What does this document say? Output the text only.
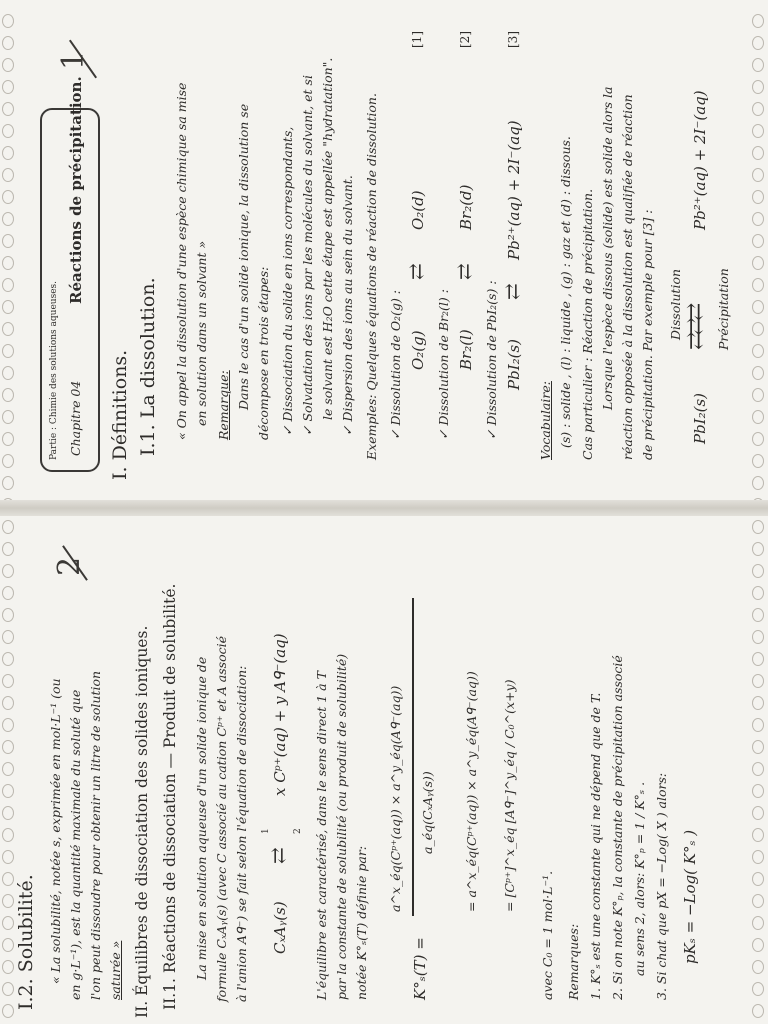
2
I.2. Solubilité. « La solubilité, notée s, exprimée en mol·L⁻¹ (ou en g·L⁻¹), est la quantité maximale du soluté que l'on peut dissoudre pour obtenir un litre de solution saturée » II. Équilibres de dissociation des solides ioniques. II.1. Réactions de dissociation — Produit de solubilité. La mise en solution aqueuse d'un solide ionique de formule CₓAᵧ(s) (avec C associé au cation Cᵖ⁺ et A associé à l'anion Aᑫ⁻) se fait selon l'équation de dissociation: CₓAᵧ(s)
1
⇄
2
x Cᵖ⁺(aq) + y Aᑫ⁻(aq) L'équilibre est caractérisé, dans le sens direct 1 à T par la constante de solubilité (ou produit de solubilité) notée K°ₛ(T) définie par:	K°ₛ(T) =
a^x_éq(Cᵖ⁺(aq)) × a^y_éq(Aᑫ⁻(aq)) a_éq(CₓAᵧ(s)) = a^x_éq(Cᵖ⁺(aq)) × a^y_éq(Aᑫ⁻(aq)) = [Cᵖ⁺]^x_éq [Aᑫ⁻]^y_éq / C₀^(x+y)
avec C₀ = 1 mol·L⁻¹. Remarques: 1. K°ₛ est une constante qui ne dépend que de T. 2. Si on note K°ₚ, la constante de précipitation associé au sens 2, alors: K°ₚ = 1 / K°ₛ . 3. Si chat que pX = −Log( X ) alors: pKₛ = −Log( K°ₛ )
1
Partie : Chimie des solutions aqueuses. Chapitre 04
Réactions de précipitation.
I. Définitions. I.1. La dissolution. « On appel la dissolution d'une espèce chimique sa mise en solution dans un solvant » Remarque: Dans le cas d'un solide ionique, la dissolution se décompose en trois étapes: ✓ Dissociation du solide en ions correspondants, ✓ Solvatation des ions par les molécules du solvant, et si le solvant est H₂O cette étape est appellée "hydratation". ✓ Dispersion des ions au sein du solvant. Exemples: Quelques équations de réaction de dissolution. ✓ Dissolution de O₂(g) : O₂(g)
⇄
O₂(d)
[1]
✓ Dissolution de Br₂(l) : Br₂(l)
⇄
Br₂(d)
[2]
✓ Dissolution de PbI₂(s) : PbI₂(s)
⇄
Pb²⁺(aq) + 2I⁻(aq)
[3]
Vocabulaire: (s) : solide , (l) : liquide , (g) : gaz et (d) : dissous. Cas particulier : Réaction de précipitation. Lorsque l'espèce dissous (solide) est solide alors la réaction opposée à la dissolution est qualifiée de réaction de précipitation. Par exemple pour [3] : PbI₂(s)
Dissolution ⇄⇄⇄ Précipitation
Pb²⁺(aq) + 2I⁻(aq)
